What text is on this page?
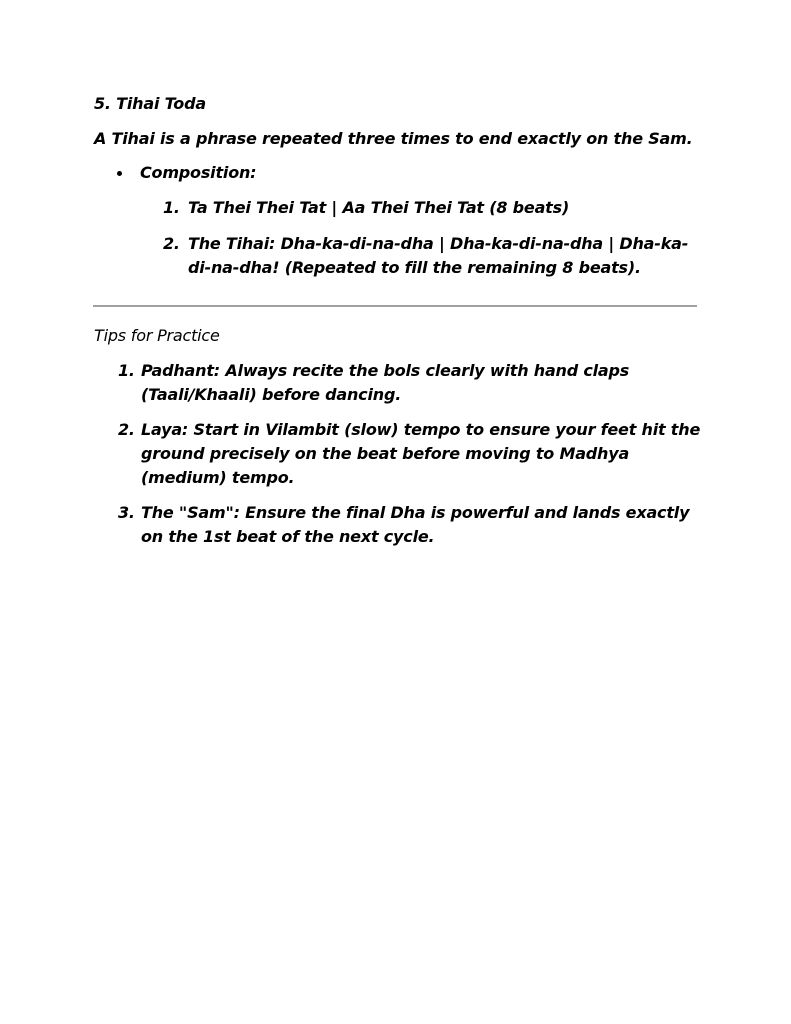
5. Tihai Toda
A Tihai is a phrase repeated three times to end exactly on the Sam.
Composition:
1. Ta Thei Thei Tat | Aa Thei Thei Tat (8 beats)
2. The Tihai: Dha-ka-di-na-dha | Dha-ka-di-na-dha | Dha-ka-
di-na-dha! (Repeated to fill the remaining 8 beats).
Tips for Practice
1. Padhant: Always recite the bols clearly with hand claps
(Taali/Khaali) before dancing.
2. Laya: Start in Vilambit (slow) tempo to ensure your feet hit the
ground precisely on the beat before moving to Madhya
(medium) tempo.
3. The "Sam": Ensure the final Dha is powerful and lands exactly
on the 1st beat of the next cycle.
